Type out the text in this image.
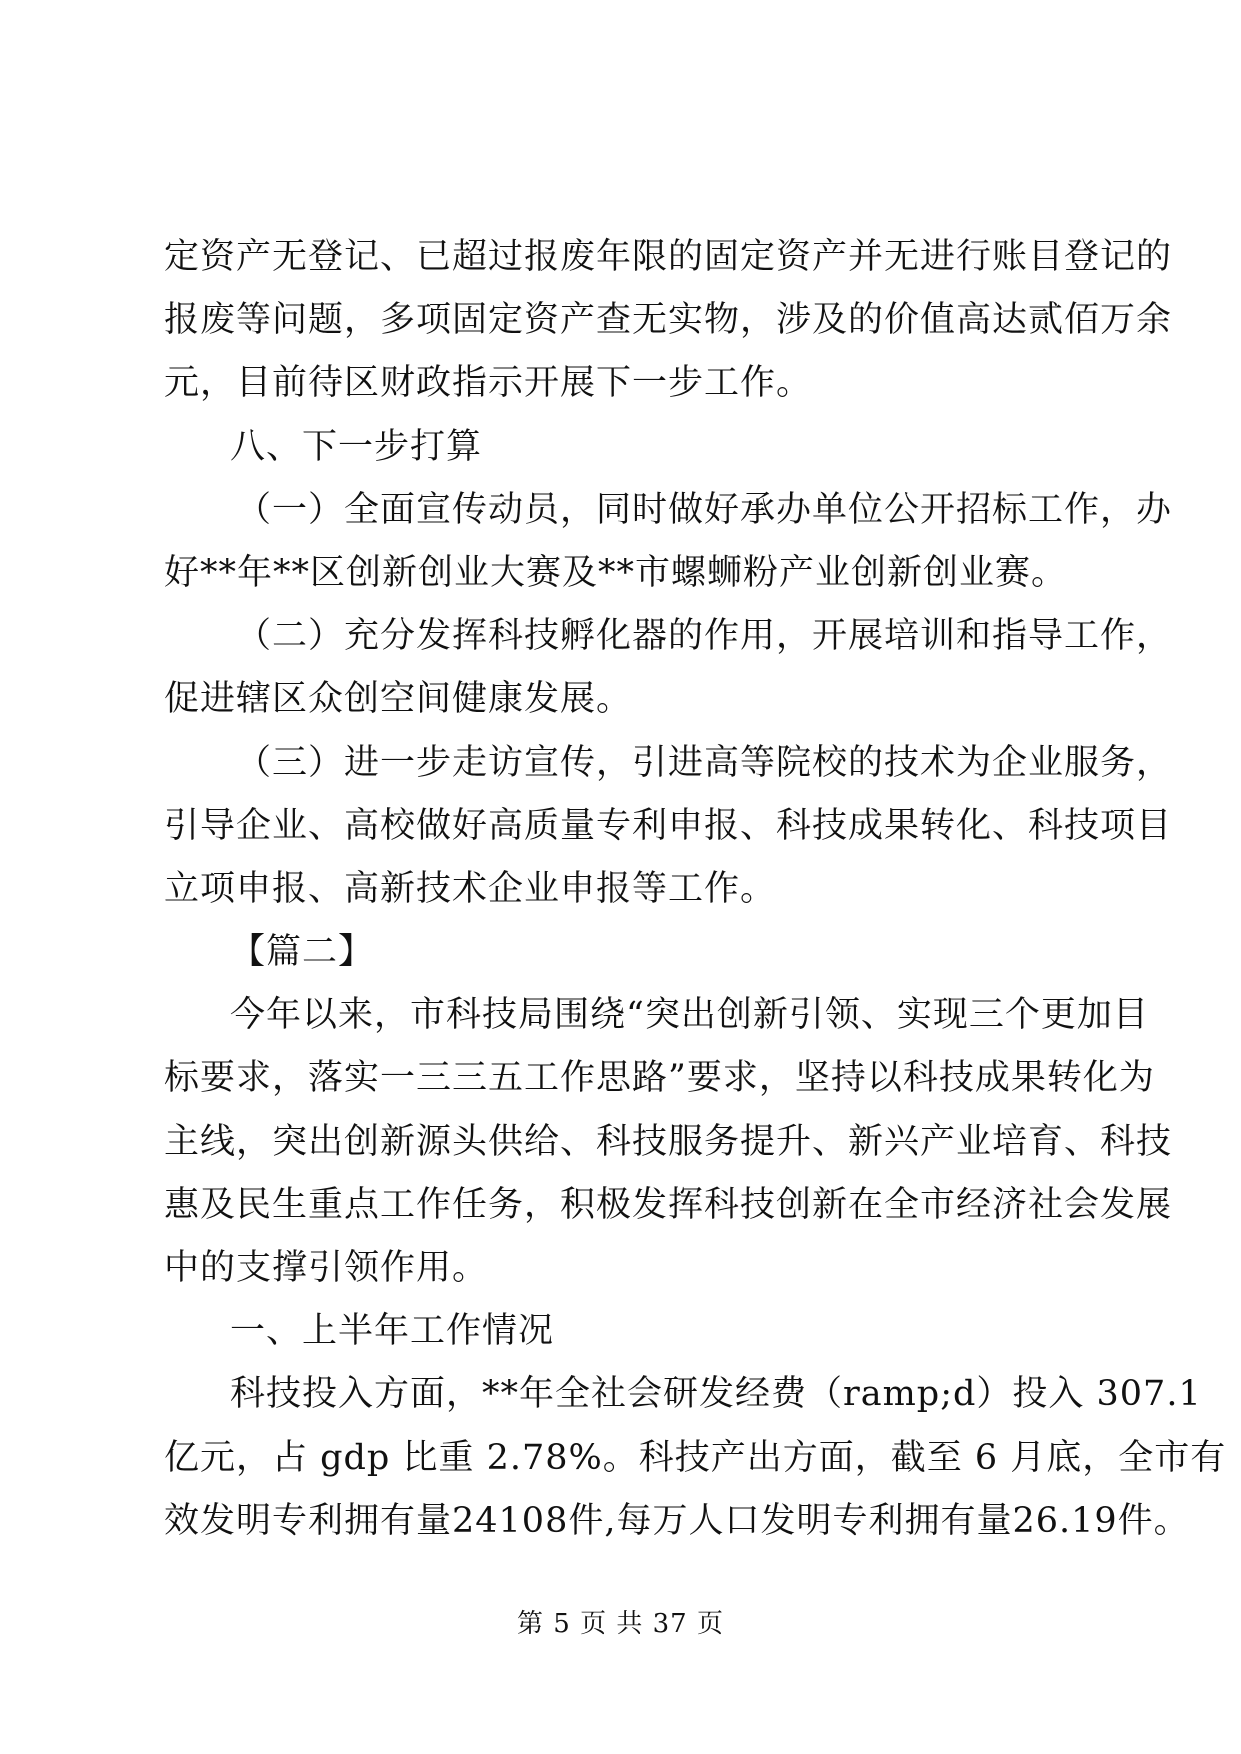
定资产无登记、已超过报废年限的固定资产并无进行账目登记的
报废等问题，多项固定资产查无实物，涉及的价值高达贰佰万余
元，目前待区财政指示开展下一步工作。
八、下一步打算
（一）全面宣传动员，同时做好承办单位公开招标工作，办
好**年**区创新创业大赛及**市螺蛳粉产业创新创业赛。
（二）充分发挥科技孵化器的作用，开展培训和指导工作，
促进辖区众创空间健康发展。
（三）进一步走访宣传，引进高等院校的技术为企业服务，
引导企业、高校做好高质量专利申报、科技成果转化、科技项目
立项申报、高新技术企业申报等工作。
【篇二】
今年以来，市科技局围绕“突出创新引领、实现三个更加目
标要求，落实一三三五工作思路”要求，坚持以科技成果转化为
主线，突出创新源头供给、科技服务提升、新兴产业培育、科技
惠及民生重点工作任务，积极发挥科技创新在全市经济社会发展
中的支撑引领作用。
一、上半年工作情况
科技投入方面，**年全社会研发经费（ramp;d）投入 307.1
亿元，占 gdp 比重 2.78%。科技产出方面，截至 6 月底，全市有
效发明专利拥有量24108件,每万人口发明专利拥有量26.19件。
第 5 页 共 37 页
